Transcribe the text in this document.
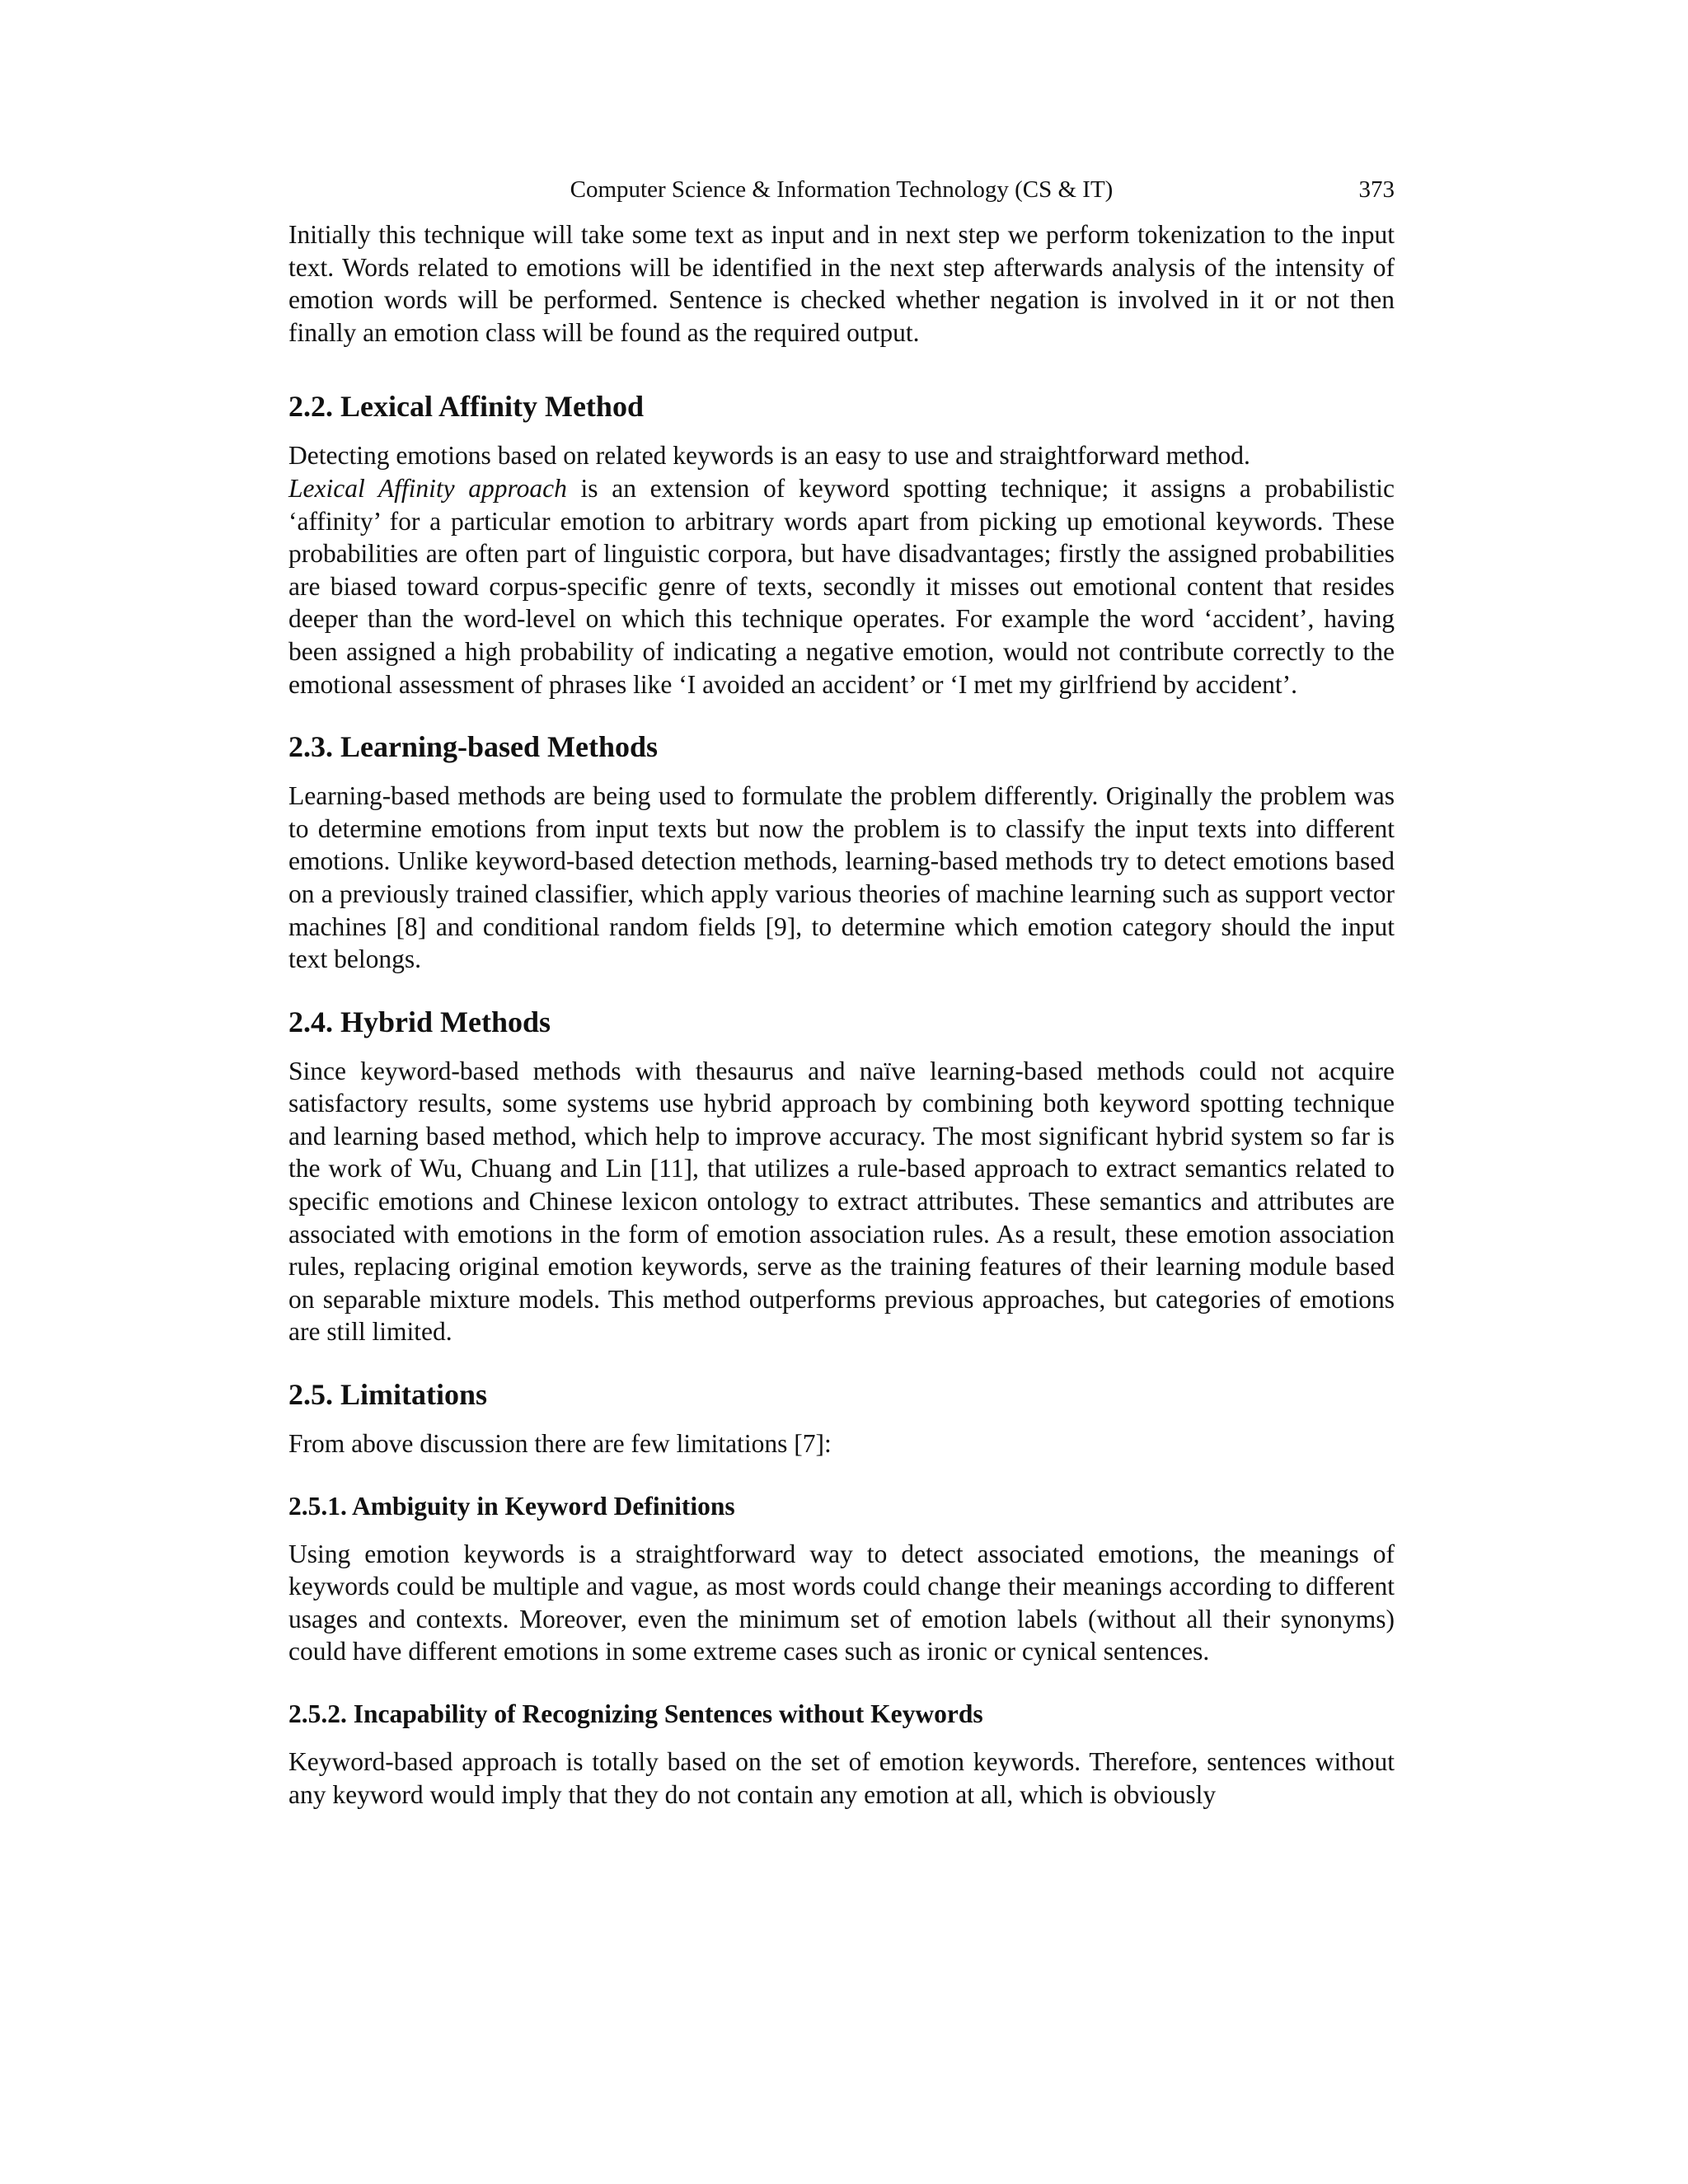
Computer Science & Information Technology (CS & IT)	373

Initially this technique will take some text as input and in next step we perform tokenization to the input text. Words related to emotions will be identified in the next step afterwards analysis of the intensity of emotion words will be performed. Sentence is checked whether negation is involved in it or not then finally an emotion class will be found as the required output.

2.2. Lexical Affinity Method

Detecting emotions based on related keywords is an easy to use and straightforward method.

Lexical Affinity approach is an extension of keyword spotting technique; it assigns a probabilistic ‘affinity’ for a particular emotion to arbitrary words apart from picking up emotional keywords. These probabilities are often part of linguistic corpora, but have disadvantages; firstly the assigned probabilities are biased toward corpus-specific genre of texts, secondly it misses out emotional content that resides deeper than the word-level on which this technique operates. For example the word ‘accident’, having been assigned a high probability of indicating a negative emotion, would not contribute correctly to the emotional assessment of phrases like ‘I avoided an accident’ or ‘I met my girlfriend by accident’.

2.3. Learning-based Methods

Learning-based methods are being used to formulate the problem differently. Originally the problem was to determine emotions from input texts but now the problem is to classify the input texts into different emotions. Unlike keyword-based detection methods, learning-based methods try to detect emotions based on a previously trained classifier, which apply various theories of machine learning such as support vector machines [8] and conditional random fields [9], to determine which emotion category should the input text belongs.

2.4. Hybrid Methods

Since keyword-based methods with thesaurus and naïve learning-based methods could not acquire satisfactory results, some systems use hybrid approach by combining both keyword spotting technique and learning based method, which help to improve accuracy. The most significant hybrid system so far is the work of Wu, Chuang and Lin [11], that utilizes a rule-based approach to extract semantics related to specific emotions and Chinese lexicon ontology to extract attributes. These semantics and attributes are associated with emotions in the form of emotion association rules. As a result, these emotion association rules, replacing original emotion keywords, serve as the training features of their learning module based on separable mixture models. This method outperforms previous approaches, but categories of emotions are still limited.

2.5. Limitations

From above discussion there are few limitations [7]:

2.5.1. Ambiguity in Keyword Definitions

Using emotion keywords is a straightforward way to detect associated emotions, the meanings of keywords could be multiple and vague, as most words could change their meanings according to different usages and contexts. Moreover, even the minimum set of emotion labels (without all their synonyms) could have different emotions in some extreme cases such as ironic or cynical sentences.

2.5.2. Incapability of Recognizing Sentences without Keywords

Keyword-based approach is totally based on the set of emotion keywords. Therefore, sentences without any keyword would imply that they do not contain any emotion at all, which is obviously
